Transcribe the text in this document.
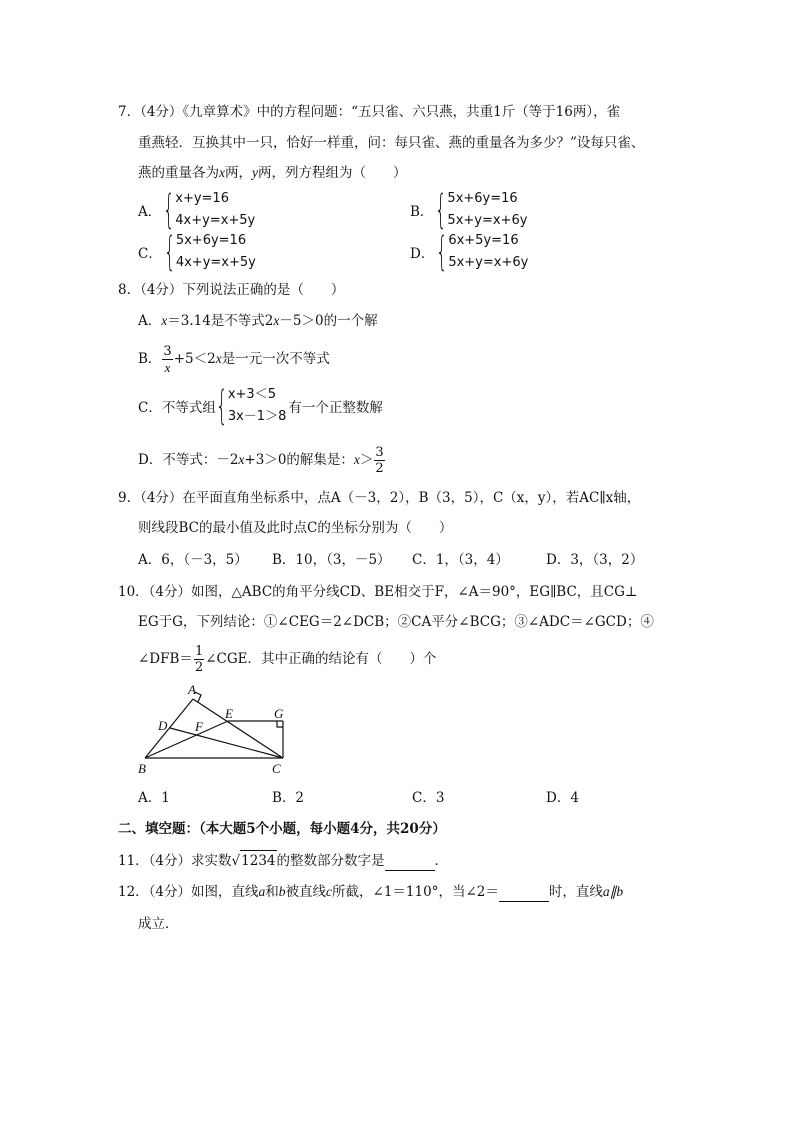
7．（4分）《九章算术》中的方程问题：“五只雀、六只燕，共重1斤（等于16两），雀
重燕轻．互换其中一只，恰好一样重，问：每只雀、燕的重量各为多少？”设每只雀、
燕的重量各为x两，y两，列方程组为（　　）
A． { x+y=16
4x+y=x+5y
B． { 5x+6y=16
5x+y=x+6y
C． { 5x+6y=16
4x+y=x+5y
D． { 6x+5y=16
5x+y=x+6y
8．（4分）下列说法正确的是（　　）
A．x＝3.14是不等式2x－5＞0的一个解
B． $\frac{3}{x} +5<2x$是一元一次不等式
C．不等式组 { x+3＜5
3x－1＞8
有一个正整数解
D．不等式：－2x+3＞0的解集是：$x> \frac{3}{2}$
9．（4分）在平面直角坐标系中，点A（－3，2），B（3，5），C（x，y），若AC∥x轴，
则线段BC的最小值及此时点C的坐标分别为（　　）
A．6，（－3，5） B．10，（3，－5） C．1，（3，4）	D．3，（3，2）
10．（4分）如图，△ABC的角平分线CD、BE相交于F，∠A＝90°，EG∥BC，且CG⊥
EG于G，下列结论：①∠CEG＝2∠DCB；②CA平分∠BCG；③∠ADC＝∠GCD；④
∠DFB＝ $\frac{1}{2}$ ∠CGE．其中正确的结论有（　　）个
A
D
E	G
F
B	C
A．1	B．2	C．3	D．4
二、填空题：（本大题5个小题，每小题4分，共20分）
11．（4分）求实数√1234的整数部分数字是	．
12．（4分）如图，直线a和b被直线c所截，∠1＝110°，当∠2＝	时，直线a∥b
成立．
